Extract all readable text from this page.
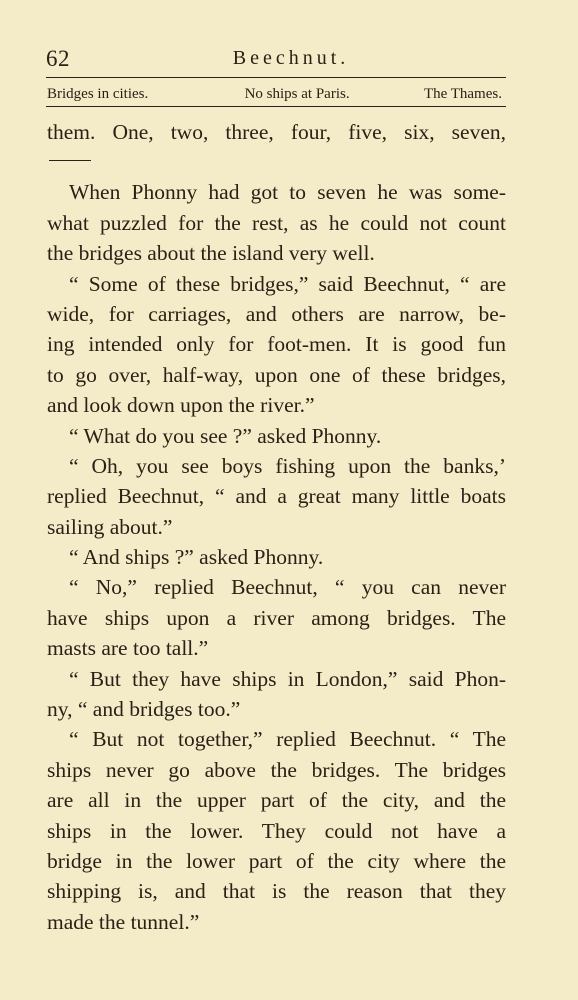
62	Beechnut.
Bridges in cities.	No ships at Paris.	The Thames.
them. One, two, three, four, five, six, seven,
When Phonny had got to seven he was some-
what puzzled for the rest, as he could not count
the bridges about the island very well.
“ Some of these bridges,” said Beechnut, “ are
wide, for carriages, and others are narrow, be-
ing intended only for foot-men. It is good fun
to go over, half-way, upon one of these bridges,
and look down upon the river.”
“ What do you see ?” asked Phonny.
“ Oh, you see boys fishing upon the banks,’
replied Beechnut, “ and a great many little boats
sailing about.”
“ And ships ?” asked Phonny.
“ No,” replied Beechnut, “ you can never
have ships upon a river among bridges. The
masts are too tall.”
“ But they have ships in London,” said Phon-
ny, “ and bridges too.”
“ But not together,” replied Beechnut. “ The
ships never go above the bridges. The bridges
are all in the upper part of the city, and the
ships in the lower. They could not have a
bridge in the lower part of the city where the
shipping is, and that is the reason that they
made the tunnel.”
